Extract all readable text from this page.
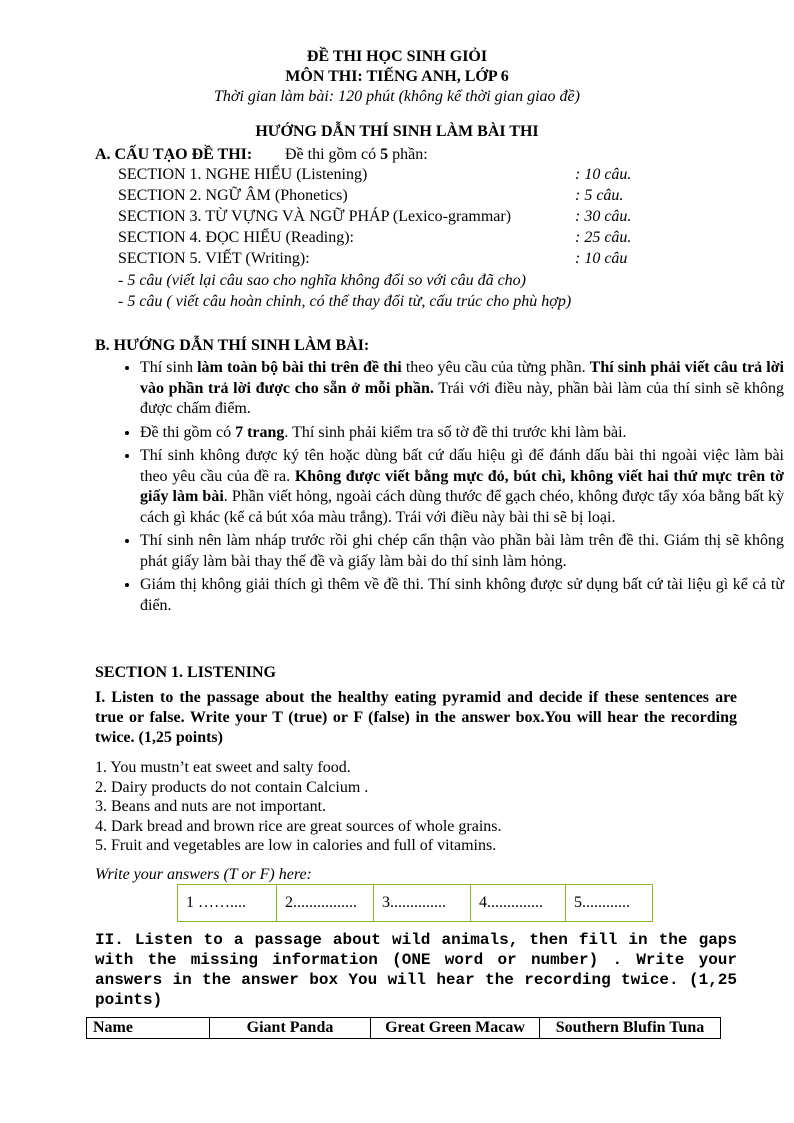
ĐỀ THI HỌC SINH GIỎI
MÔN THI: TIẾNG ANH, LỚP 6
Thời gian làm bài: 120 phút (không kể thời gian giao đề)
HƯỚNG DẪN THÍ SINH LÀM BÀI THI
A. CẤU TẠO ĐỀ THI: Đề thi gồm có 5 phần:
SECTION 1. NGHE HIỂU (Listening)	: 10 câu.
SECTION 2. NGỮ ÂM (Phonetics)	: 5 câu.
SECTION 3. TỪ VỰNG VÀ NGỮ PHÁP (Lexico-grammar)	: 30 câu.
SECTION 4. ĐỌC HIỂU (Reading):	: 25 câu.
SECTION 5. VIẾT (Writing):	: 10 câu
- 5 câu (viết lại câu sao cho nghĩa không đổi so với câu đã cho)
- 5 câu ( viết câu hoàn chỉnh, có thể thay đổi từ, cấu trúc cho phù hợp)
B. HƯỚNG DẪN THÍ SINH LÀM BÀI:
• Thí sinh làm toàn bộ bài thi trên đề thi theo yêu cầu của từng phần. Thí sinh phải viết câu trả lời vào phần trả lời được cho sẵn ở mỗi phần. Trái với điều này, phần bài làm của thí sinh sẽ không được chấm điểm.
• Đề thi gồm có 7 trang. Thí sinh phải kiểm tra số tờ đề thi trước khi làm bài.
• Thí sinh không được ký tên hoặc dùng bất cứ dấu hiệu gì để đánh dấu bài thi ngoài việc làm bài theo yêu cầu của đề ra. Không được viết bằng mực đỏ, bút chì, không viết hai thứ mực trên tờ giấy làm bài. Phần viết hỏng, ngoài cách dùng thước để gạch chéo, không được tẩy xóa bằng bất kỳ cách gì khác (kể cả bút xóa màu trắng). Trái với điều này bài thi sẽ bị loại.
• Thí sinh nên làm nháp trước rồi ghi chép cẩn thận vào phần bài làm trên đề thi. Giám thị sẽ không phát giấy làm bài thay thế đề và giấy làm bài do thí sinh làm hỏng.
• Giám thị không giải thích gì thêm về đề thi. Thí sinh không được sử dụng bất cứ tài liệu gì kể cả từ điển.
SECTION 1. LISTENING
I. Listen to the passage about the healthy eating pyramid and decide if these sentences are true or false. Write your T (true) or F (false) in the answer box.You will hear the recording twice. (1,25 points)
1. You mustn’t eat sweet and salty food.
2. Dairy products do not contain Calcium .
3. Beans and nuts are not important.
4. Dark bread and brown rice are great sources of whole grains.
5. Fruit and vegetables are low in calories and full of vitamins.
Write your answers (T or F) here:
1 ……....	2................	3..............	4..............	5............
II. Listen to a passage about wild animals, then fill in the gaps with the missing information (ONE word or number) . Write your answers in the answer box You will hear the recording twice. (1,25 points)
Name	Giant Panda	Great Green Macaw	Southern Blufin Tuna
